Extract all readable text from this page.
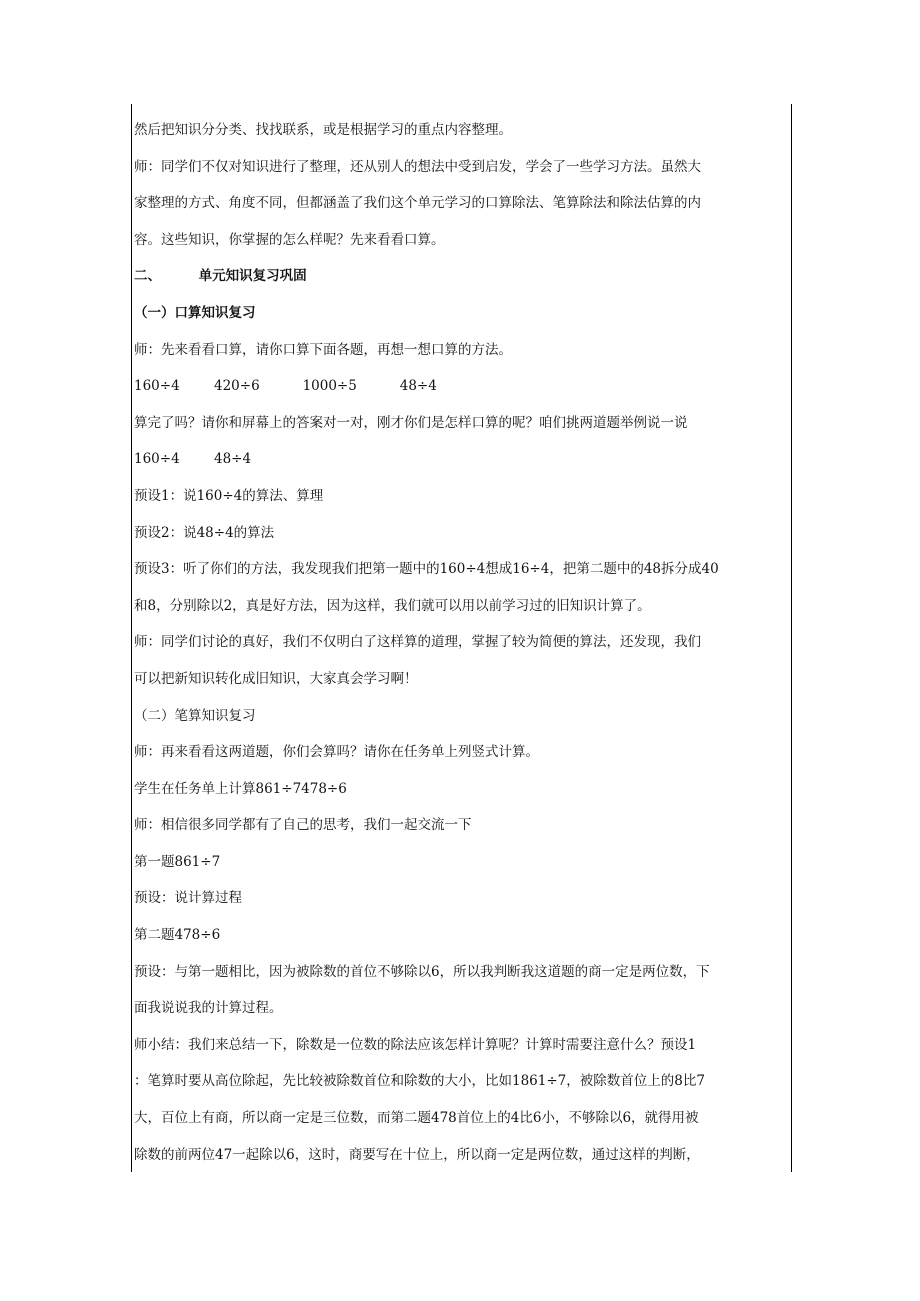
然后把知识分分类、找找联系，或是根据学习的重点内容整理。
师：同学们不仅对知识进行了整理，还从别人的想法中受到启发，学会了一些学习方法。虽然大
家整理的方式、角度不同，但都涵盖了我们这个单元学习的口算除法、笔算除法和除法估算的内
容。这些知识，你掌握的怎么样呢？先来看看口算。
二、        单元知识复习巩固
（一）口算知识复习
师：先来看看口算，请你口算下面各题，再想一想口算的方法。
160÷4        420÷6          1000÷5          48÷4
算完了吗？请你和屏幕上的答案对一对，刚才你们是怎样口算的呢？咱们挑两道题举例说一说
160÷4        48÷4
预设1：说160÷4的算法、算理
预设2：说48÷4的算法
预设3：听了你们的方法，我发现我们把第一题中的160÷4想成16÷4，把第二题中的48拆分成40
和8，分别除以2，真是好方法，因为这样，我们就可以用以前学习过的旧知识计算了。
师：同学们讨论的真好，我们不仅明白了这样算的道理，掌握了较为简便的算法，还发现，我们
可以把新知识转化成旧知识，大家真会学习啊！
（二）笔算知识复习
师：再来看看这两道题，你们会算吗？请你在任务单上列竖式计算。
学生在任务单上计算861÷7478÷6
师：相信很多同学都有了自己的思考，我们一起交流一下
第一题861÷7
预设：说计算过程
第二题478÷6
预设：与第一题相比，因为被除数的首位不够除以6，所以我判断我这道题的商一定是两位数，下
面我说说我的计算过程。
师小结：我们来总结一下，除数是一位数的除法应该怎样计算呢？计算时需要注意什么？预设1
：笔算时要从高位除起，先比较被除数首位和除数的大小，比如1861÷7，被除数首位上的8比7
大，百位上有商，所以商一定是三位数，而第二题478首位上的4比6小，不够除以6，就得用被
除数的前两位47一起除以6，这时，商要写在十位上，所以商一定是两位数，通过这样的判断，
